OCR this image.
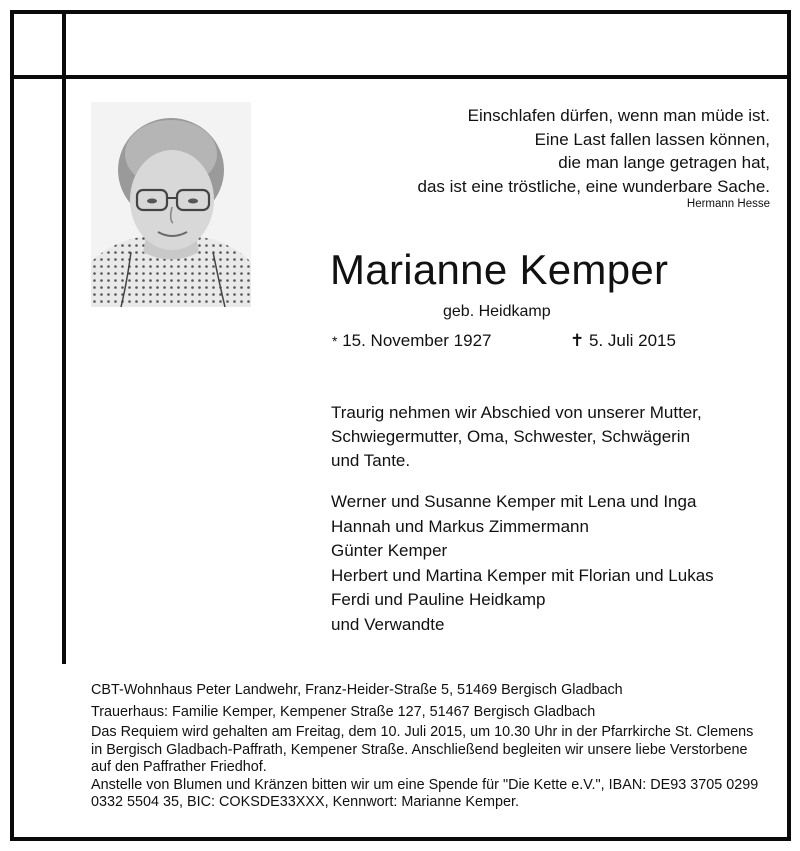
Einschlafen dürfen, wenn man müde ist.
Eine Last fallen lassen können,
die man lange getragen hat,
das ist eine tröstliche, eine wunderbare Sache.
Hermann Hesse
Marianne Kemper
geb. Heidkamp
* 15. November 1927	✝ 5. Juli 2015
Traurig nehmen wir Abschied von unserer Mutter,
Schwiegermutter, Oma, Schwester, Schwägerin
und Tante.
Werner und Susanne Kemper mit Lena und Inga
Hannah und Markus Zimmermann
Günter Kemper
Herbert und Martina Kemper mit Florian und Lukas
Ferdi und Pauline Heidkamp
und Verwandte

CBT-Wohnhaus Peter Landwehr, Franz-Heider-Straße 5, 51469 Bergisch Gladbach

Trauerhaus: Familie Kemper, Kempener Straße 127, 51467 Bergisch Gladbach

Das Requiem wird gehalten am Freitag, dem 10. Juli 2015, um 10.30 Uhr in der Pfarrkirche St. Clemens in Bergisch Gladbach-Paffrath, Kempener Straße. Anschließend begleiten wir unsere liebe Verstorbene auf den Paffrather Friedhof.

Anstelle von Blumen und Kränzen bitten wir um eine Spende für "Die Kette e.V.", IBAN: DE93 3705 0299 0332 5504 35, BIC: COKSDE33XXX, Kennwort: Marianne Kemper.
